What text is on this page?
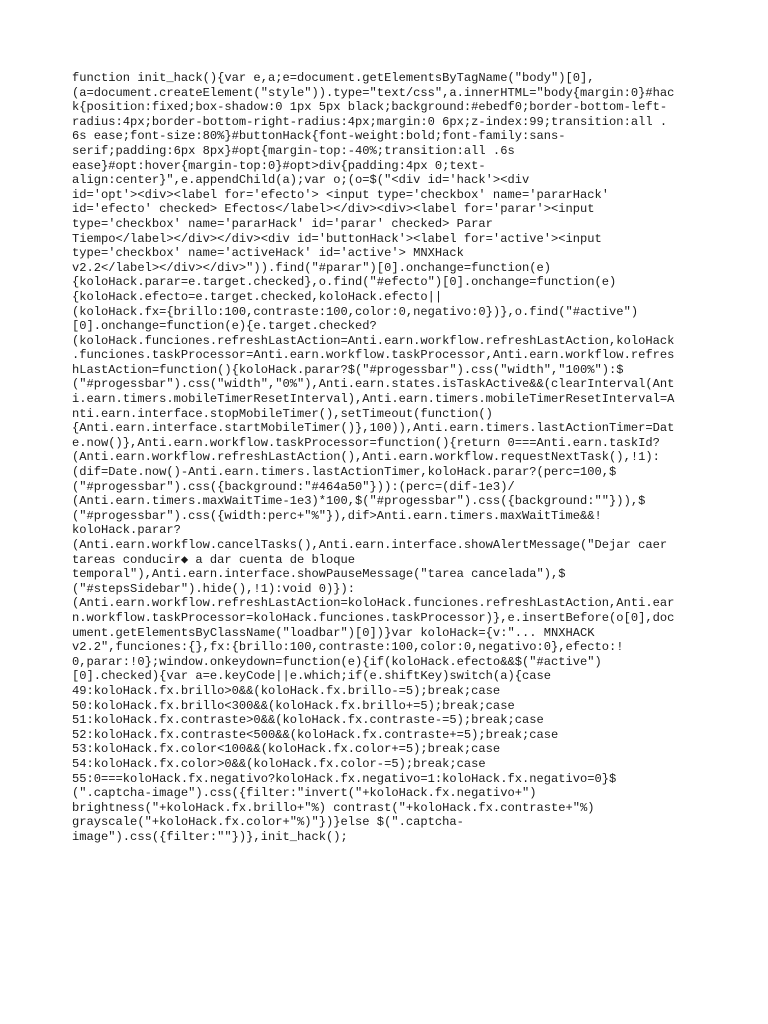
function init_hack(){var e,a;e=document.getElementsByTagName("body")[0],
(a=document.createElement("style")).type="text/css",a.innerHTML="body{margin:0}#hac
k{position:fixed;box-shadow:0 1px 5px black;background:#ebedf0;border-bottom-left-
radius:4px;border-bottom-right-radius:4px;margin:0 6px;z-index:99;transition:all .
6s ease;font-size:80%}#buttonHack{font-weight:bold;font-family:sans-
serif;padding:6px 8px}#opt{margin-top:-40%;transition:all .6s
ease}#opt:hover{margin-top:0}#opt>div{padding:4px 0;text-
align:center}",e.appendChild(a);var o;(o=$("<div id='hack'><div
id='opt'><div><label for='efecto'> <input type='checkbox' name='pararHack'
id='efecto' checked> Efectos</label></div><div><label for='parar'><input
type='checkbox' name='pararHack' id='parar' checked> Parar
Tiempo</label></div></div><div id='buttonHack'><label for='active'><input
type='checkbox' name='activeHack' id='active'> MNXHack
v2.2</label></div></div>")).find("#parar")[0].onchange=function(e)
{koloHack.parar=e.target.checked},o.find("#efecto")[0].onchange=function(e)
{koloHack.efecto=e.target.checked,koloHack.efecto||
(koloHack.fx={brillo:100,contraste:100,color:0,negativo:0})},o.find("#active")
[0].onchange=function(e){e.target.checked?
(koloHack.funciones.refreshLastAction=Anti.earn.workflow.refreshLastAction,koloHack
.funciones.taskProcessor=Anti.earn.workflow.taskProcessor,Anti.earn.workflow.refres
hLastAction=function(){koloHack.parar?$("#progessbar").css("width","100%"):$
("#progessbar").css("width","0%"),Anti.earn.states.isTaskActive&&(clearInterval(Ant
i.earn.timers.mobileTimerResetInterval),Anti.earn.timers.mobileTimerResetInterval=A
nti.earn.interface.stopMobileTimer(),setTimeout(function()
{Anti.earn.interface.startMobileTimer()},100)),Anti.earn.timers.lastActionTimer=Dat
e.now()},Anti.earn.workflow.taskProcessor=function(){return 0===Anti.earn.taskId?
(Anti.earn.workflow.refreshLastAction(),Anti.earn.workflow.requestNextTask(),!1):
(dif=Date.now()-Anti.earn.timers.lastActionTimer,koloHack.parar?(perc=100,$
("#progessbar").css({background:"#464a50"})):(perc=(dif-1e3)/
(Anti.earn.timers.maxWaitTime-1e3)*100,$("#progessbar").css({background:""})),$
("#progessbar").css({width:perc+"%"}),dif>Anti.earn.timers.maxWaitTime&&!
koloHack.parar?
(Anti.earn.workflow.cancelTasks(),Anti.earn.interface.showAlertMessage("Dejar caer
tareas conducir◆ a dar cuenta de bloque
temporal"),Anti.earn.interface.showPauseMessage("tarea cancelada"),$
("#stepsSidebar").hide(),!1):void 0)}):
(Anti.earn.workflow.refreshLastAction=koloHack.funciones.refreshLastAction,Anti.ear
n.workflow.taskProcessor=koloHack.funciones.taskProcessor)},e.insertBefore(o[0],doc
ument.getElementsByClassName("loadbar")[0])}var koloHack={v:"... MNXHACK
v2.2",funciones:{},fx:{brillo:100,contraste:100,color:0,negativo:0},efecto:!
0,parar:!0};window.onkeydown=function(e){if(koloHack.efecto&&$("#active")
[0].checked){var a=e.keyCode||e.which;if(e.shiftKey)switch(a){case
49:koloHack.fx.brillo>0&&(koloHack.fx.brillo-=5);break;case
50:koloHack.fx.brillo<300&&(koloHack.fx.brillo+=5);break;case
51:koloHack.fx.contraste>0&&(koloHack.fx.contraste-=5);break;case
52:koloHack.fx.contraste<500&&(koloHack.fx.contraste+=5);break;case
53:koloHack.fx.color<100&&(koloHack.fx.color+=5);break;case
54:koloHack.fx.color>0&&(koloHack.fx.color-=5);break;case
55:0===koloHack.fx.negativo?koloHack.fx.negativo=1:koloHack.fx.negativo=0}$
(".captcha-image").css({filter:"invert("+koloHack.fx.negativo+")
brightness("+koloHack.fx.brillo+"%) contrast("+koloHack.fx.contraste+"%)
grayscale("+koloHack.fx.color+"%)"})}else $(".captcha-
image").css({filter:""})},init_hack();
